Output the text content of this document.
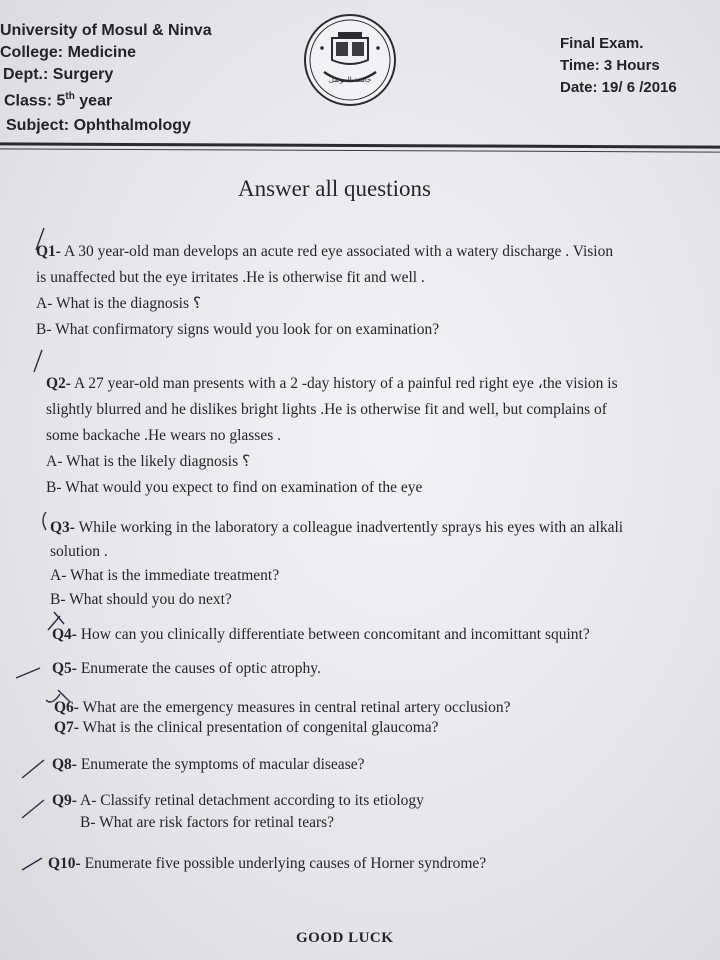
University of Mosul & Ninva
College: Medicine
Dept.: Surgery
Class: 5th year
Subject: Ophthalmology
جامعة الموصل
Final Exam.
Time: 3 Hours
Date: 19/ 6 /2016
Answer all questions
Q1- A 30 year-old man develops an acute red eye associated with a watery discharge . Vision
is unaffected but the eye irritates .He is otherwise fit and well .
A- What is the diagnosis ؟
B- What confirmatory signs would you look for on examination?
Q2- A 27 year-old man presents with a 2 -day history of a painful red right eye ،the vision is
slightly blurred and he dislikes bright lights .He is otherwise fit and well, but complains of
some backache .He wears no glasses .
A- What is the likely diagnosis ؟
B- What would you expect to find on examination of the eye
Q3- While working in the laboratory a colleague inadvertently sprays his eyes with an alkali
solution .
A- What is the immediate treatment?
B- What should you do next?
Q4- How can you clinically differentiate between concomitant and incomittant squint?
Q5- Enumerate the causes of optic atrophy.
Q6- What are the emergency measures in central retinal artery occlusion?
Q7- What is the clinical presentation of congenital glaucoma?
Q8- Enumerate the symptoms of macular disease?
Q9- A- Classify retinal detachment according to its etiology
B- What are risk factors for retinal tears?
Q10- Enumerate five possible underlying causes of Horner syndrome?
GOOD LUCK
